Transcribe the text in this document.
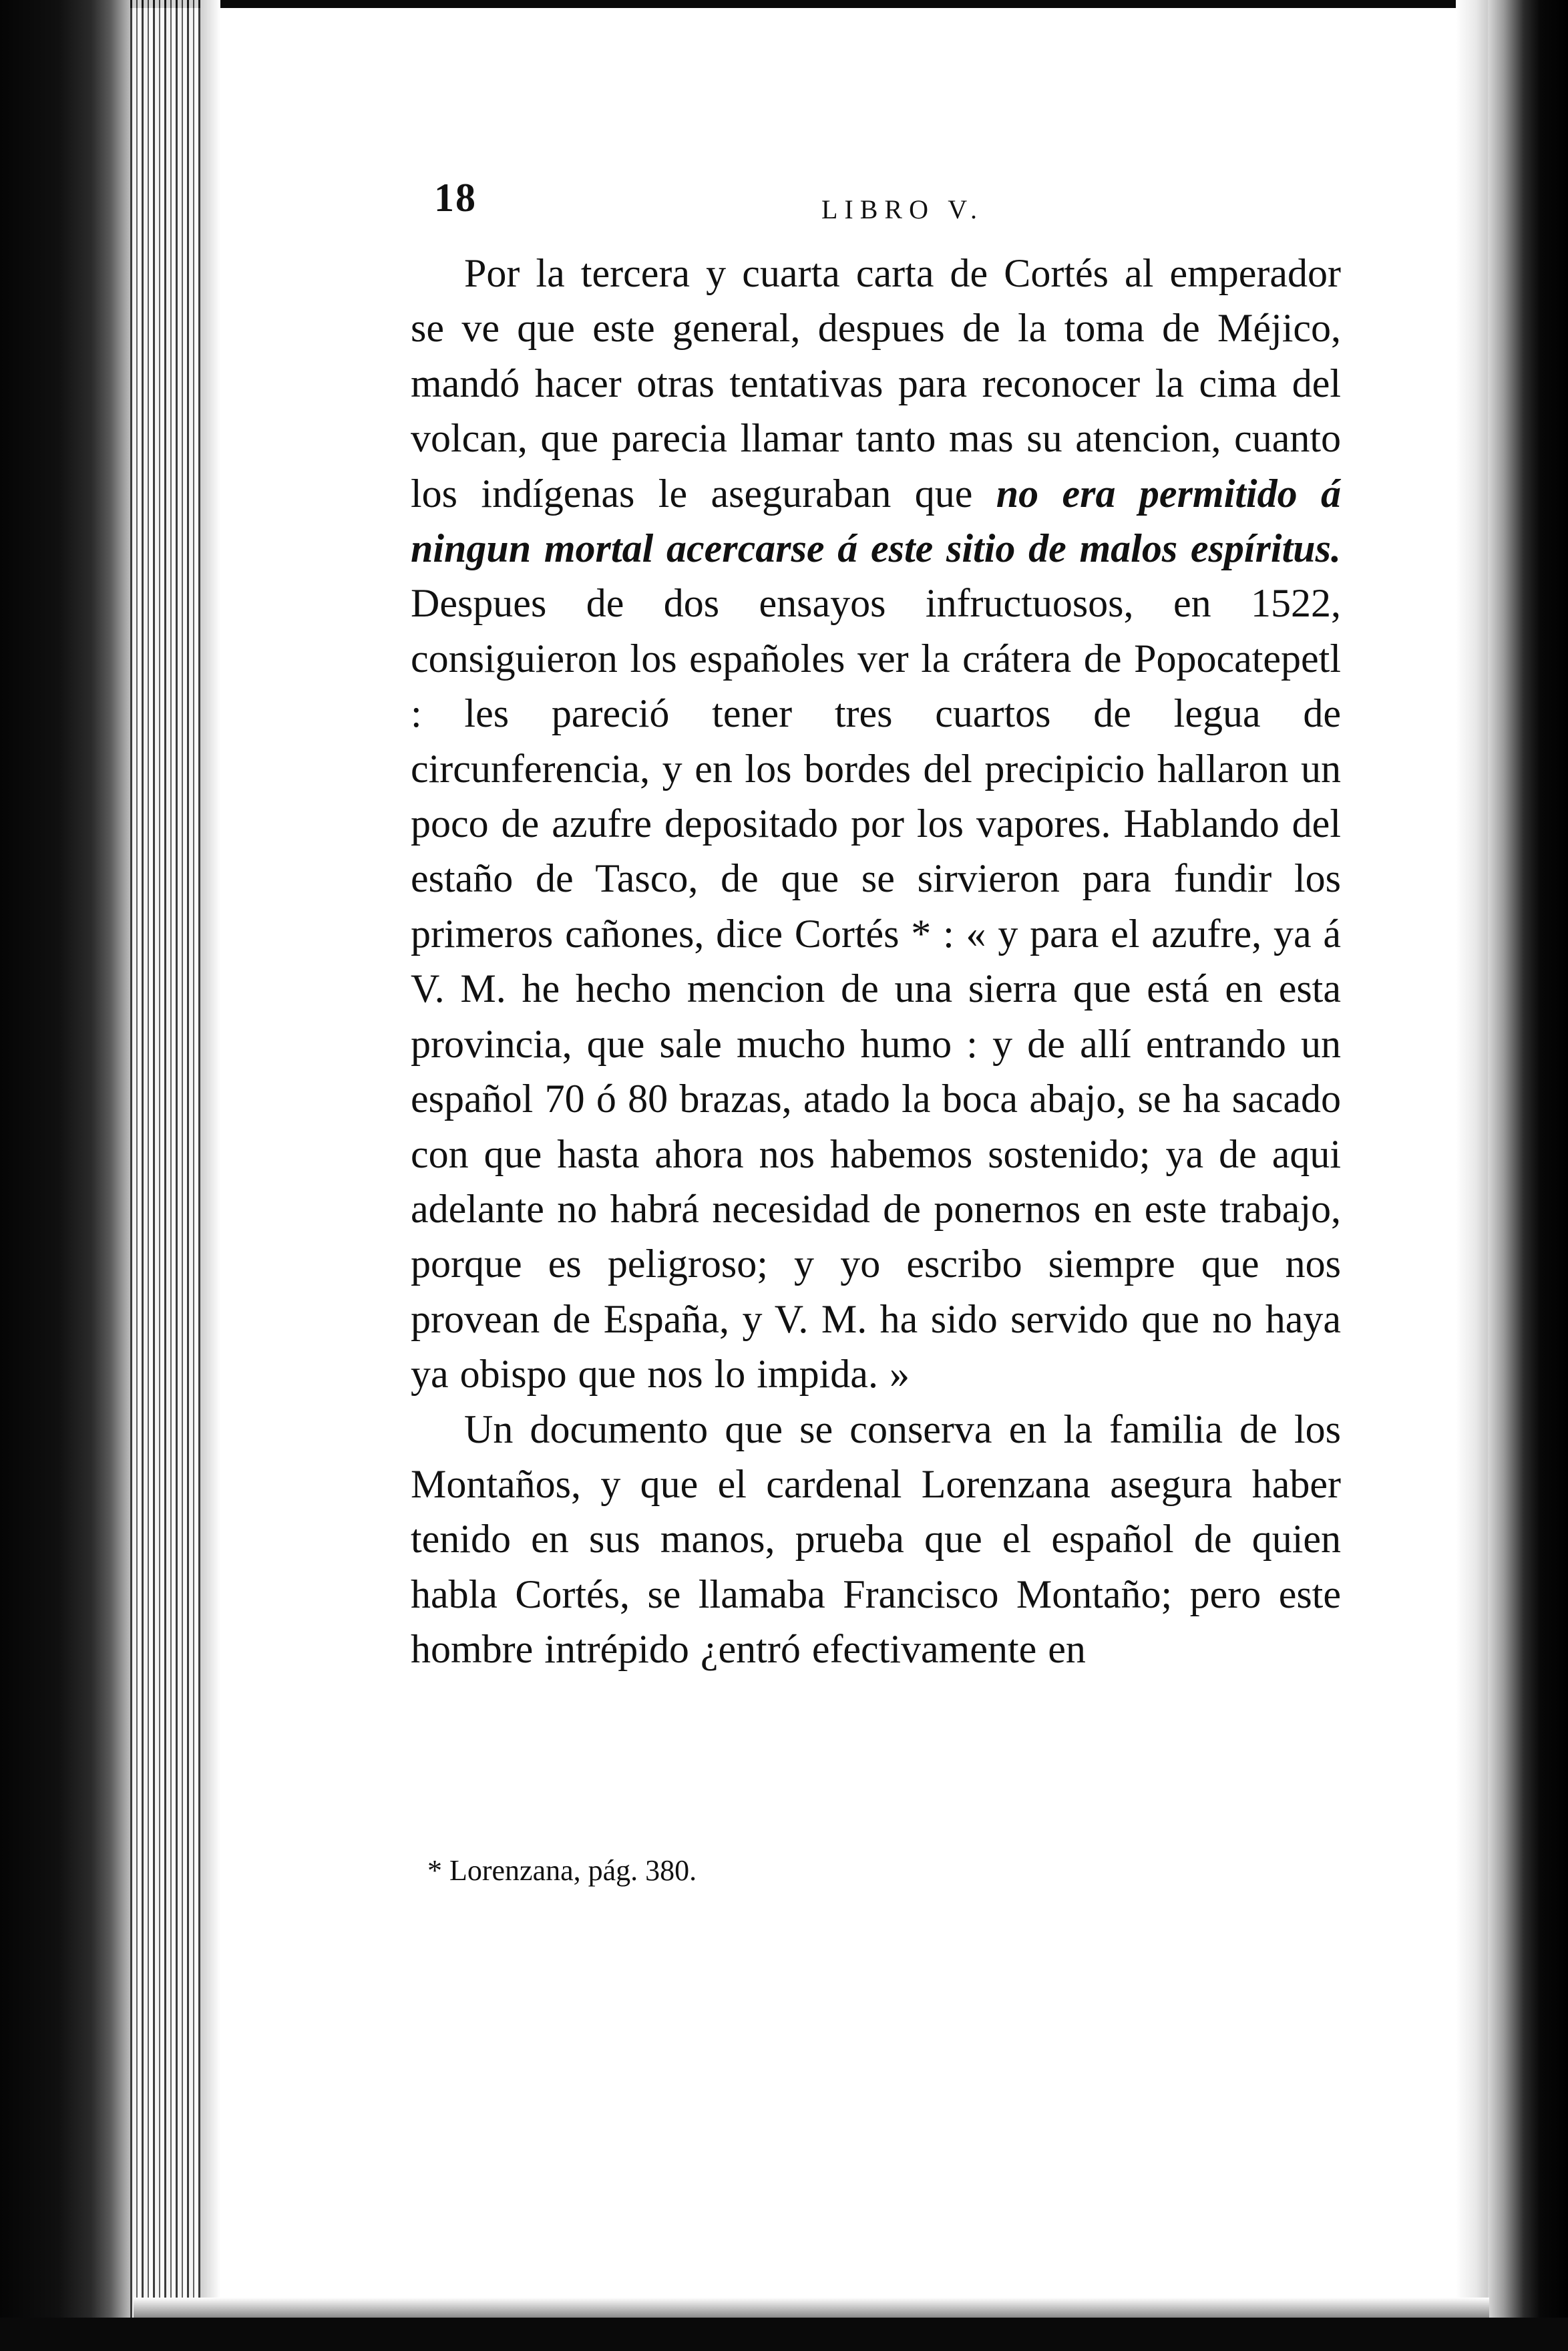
18	LIBRO V.

Por la tercera y cuarta carta de Cortés al emperador se ve que este general, despues de la toma de Méjico, mandó hacer otras tentativas para reconocer la cima del volcan, que parecia llamar tanto mas su atencion, cuanto los indígenas le aseguraban que no era permitido á ningun mortal acercarse á este sitio de malos espíritus. Despues de dos ensayos infructuosos, en 1522, consiguieron los españoles ver la crátera de Popocatepetl : les pareció tener tres cuartos de legua de circunferencia, y en los bordes del precipicio hallaron un poco de azufre depositado por los vapores. Hablando del estaño de Tasco, de que se sirvieron para fundir los primeros cañones, dice Cortés * : « y para el azufre, ya á V. M. he hecho mencion de una sierra que está en esta provincia, que sale mucho humo : y de allí entrando un español 70 ó 80 brazas, atado la boca abajo, se ha sacado con que hasta ahora nos habemos sostenido; ya de aqui adelante no habrá necesidad de ponernos en este trabajo, porque es peligroso; y yo escribo siempre que nos provean de España, y V. M. ha sido servido que no haya ya obispo que nos lo impida. »

Un documento que se conserva en la familia de los Montaños, y que el cardenal Lorenzana asegura haber tenido en sus manos, prueba que el español de quien habla Cortés, se llamaba Francisco Montaño; pero este hombre intrépido ¿entró efectivamente en

* Lorenzana, pág. 380.
